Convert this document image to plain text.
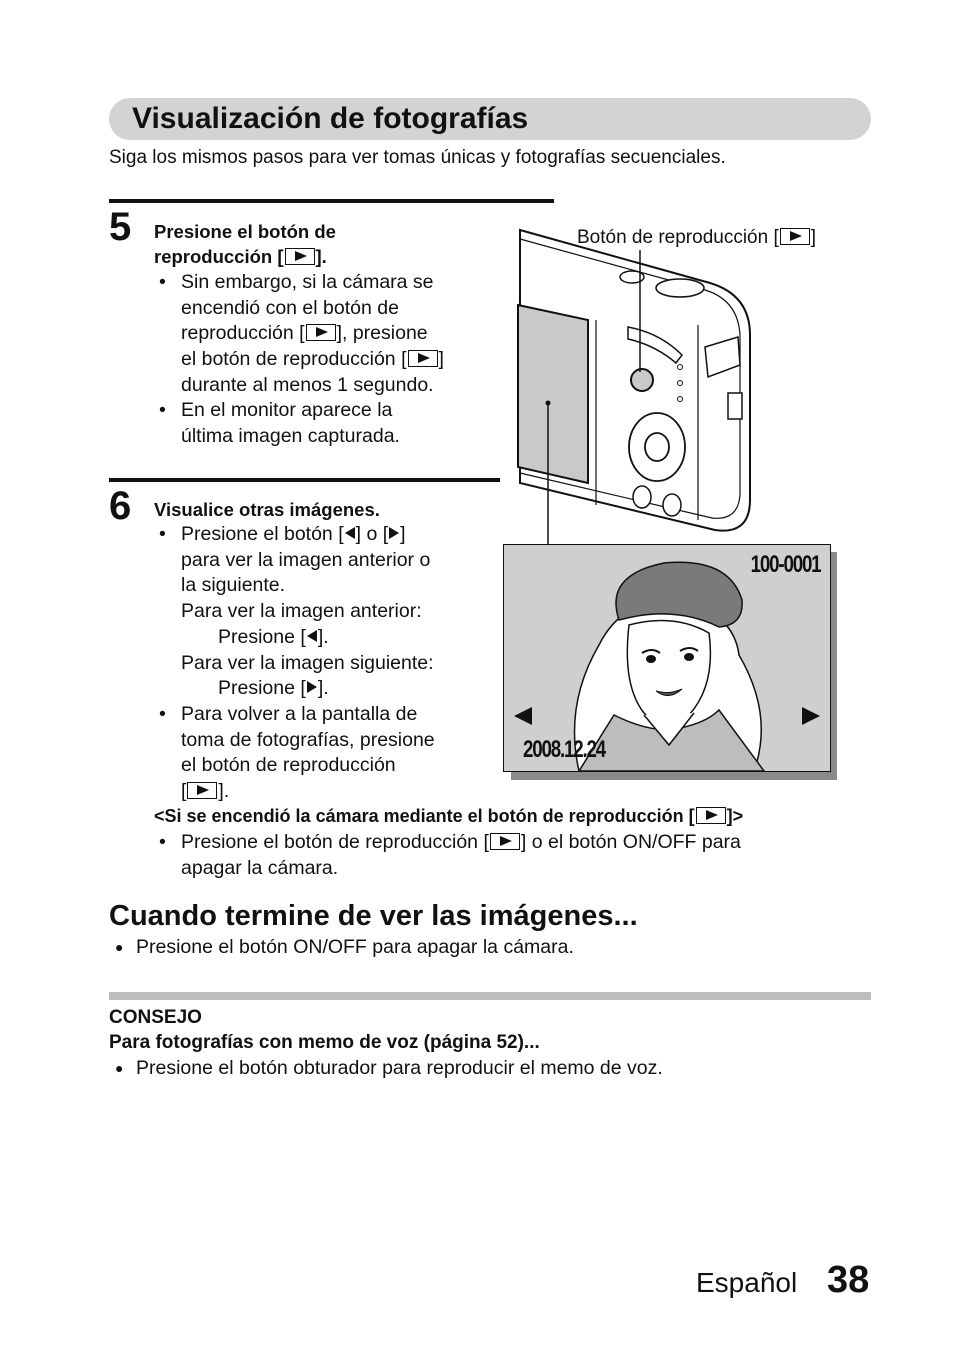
Visualización de fotografías
Siga los mismos pasos para ver tomas únicas y fotografías secuenciales.
5 Presione el botón de
reproducción [ ].
• Sin embargo, si la cámara se
encendió con el botón de
reproducción [ ], presione
el botón de reproducción [ ]
durante al menos 1 segundo.
• En el monitor aparece la
última imagen capturada.
6 Visualice otras imágenes.
• Presione el botón [ ] o [ ]
para ver la imagen anterior o
la siguiente.
Para ver la imagen anterior:
Presione [ ].
Para ver la imagen siguiente:
Presione [ ].
• Para volver a la pantalla de
toma de fotografías, presione
el botón de reproducción
[ ].
<Si se encendió la cámara mediante el botón de reproducción [ ]>
• Presione el botón de reproducción [ ] o el botón ON/OFF para
apagar la cámara.
Botón de reproducción [ ]
100-0001
2008.12.24
Cuando termine de ver las imágenes...
● Presione el botón ON/OFF para apagar la cámara.
CONSEJO
Para fotografías con memo de voz (página 52)...
● Presione el botón obturador para reproducir el memo de voz.
Español 38
